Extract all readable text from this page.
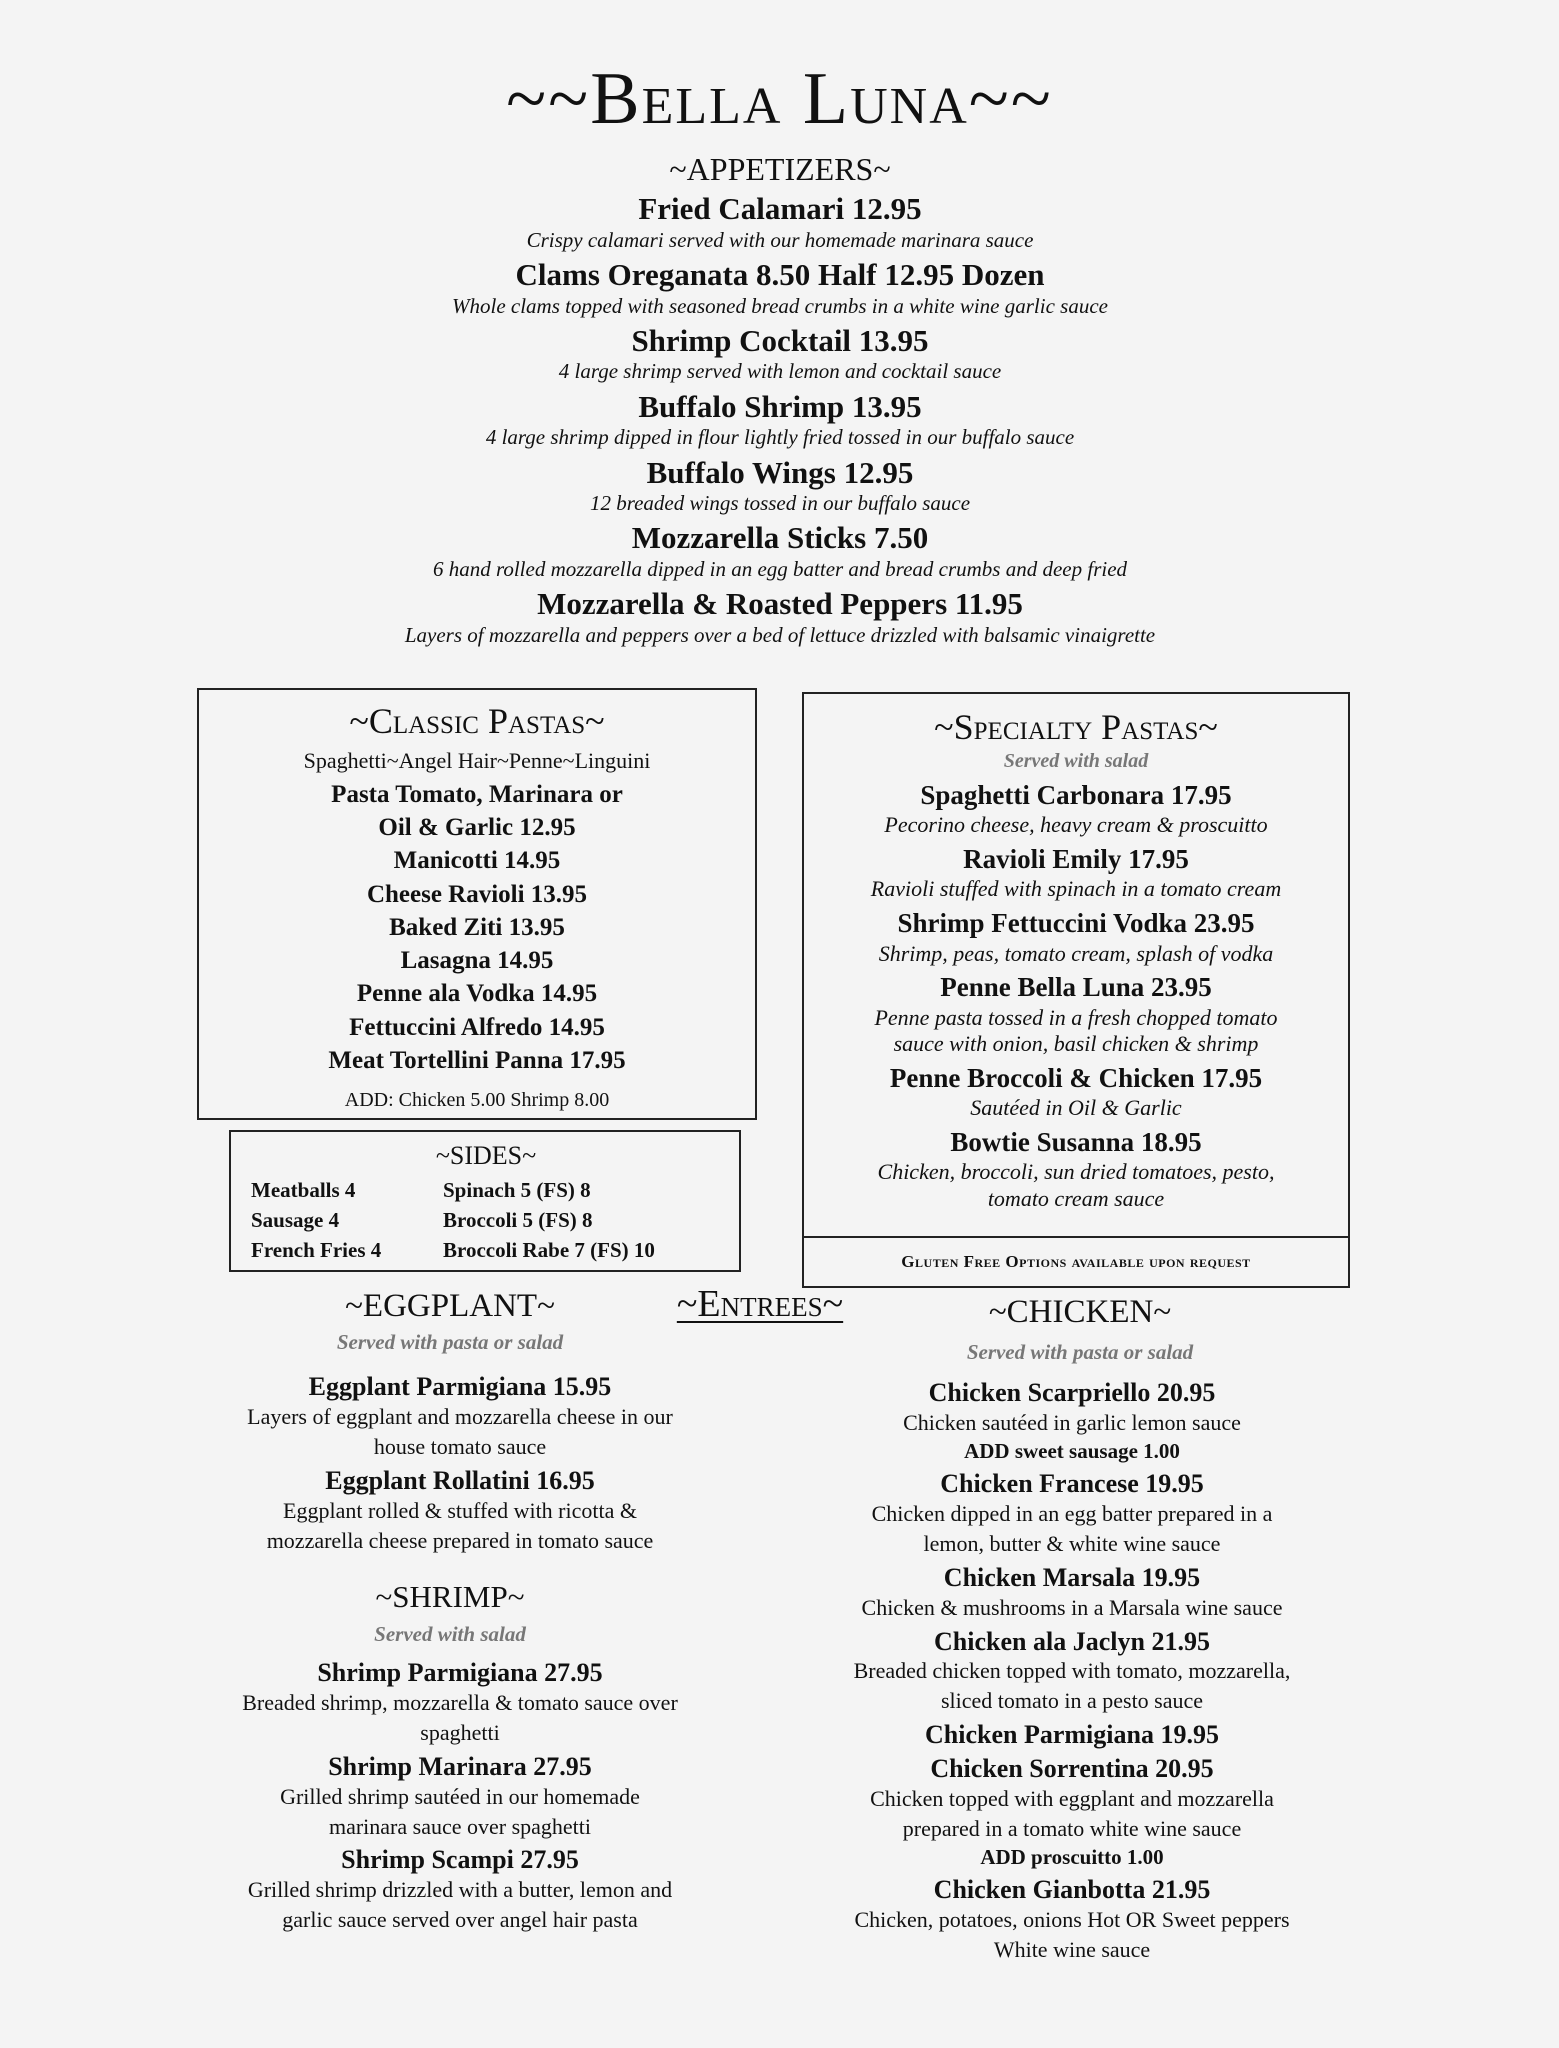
~~Bella Luna~~
~APPETIZERS~
Fried Calamari 12.95
Crispy calamari served with our homemade marinara sauce
Clams Oreganata 8.50 Half 12.95 Dozen
Whole clams topped with seasoned bread crumbs in a white wine garlic sauce
Shrimp Cocktail 13.95
4 large shrimp served with lemon and cocktail sauce
Buffalo Shrimp 13.95
4 large shrimp dipped in flour lightly fried tossed in our buffalo sauce
Buffalo Wings 12.95
12 breaded wings tossed in our buffalo sauce
Mozzarella Sticks 7.50
6 hand rolled mozzarella dipped in an egg batter and bread crumbs and deep fried
Mozzarella & Roasted Peppers 11.95
Layers of mozzarella and peppers over a bed of lettuce drizzled with balsamic vinaigrette
~Classic Pastas~
Spaghetti~Angel Hair~Penne~Linguini
Pasta Tomato, Marinara or
Oil & Garlic 12.95
Manicotti 14.95
Cheese Ravioli 13.95
Baked Ziti 13.95
Lasagna 14.95
Penne ala Vodka 14.95
Fettuccini Alfredo 14.95
Meat Tortellini Panna 17.95
ADD: Chicken 5.00 Shrimp 8.00
~Specialty Pastas~
Served with salad
Spaghetti Carbonara 17.95
Pecorino cheese, heavy cream & proscuitto
Ravioli Emily 17.95
Ravioli stuffed with spinach in a tomato cream
Shrimp Fettuccini Vodka 23.95
Shrimp, peas, tomato cream, splash of vodka
Penne Bella Luna 23.95
Penne pasta tossed in a fresh chopped tomato
sauce with onion, basil chicken & shrimp
Penne Broccoli & Chicken 17.95
Sautéed in Oil & Garlic
Bowtie Susanna 18.95
Chicken, broccoli, sun dried tomatoes, pesto,
tomato cream sauce
Gluten Free Options available upon request
~SIDES~
Meatballs 4
Sausage 4
French Fries 4
Spinach 5 (FS) 8
Broccoli 5 (FS) 8
Broccoli Rabe 7 (FS) 10
~Entrees~
~EGGPLANT~
Served with pasta or salad
Eggplant Parmigiana 15.95
Layers of eggplant and mozzarella cheese in our
house tomato sauce
Eggplant Rollatini 16.95
Eggplant rolled & stuffed with ricotta &
mozzarella cheese prepared in tomato sauce
~SHRIMP~
Served with salad
Shrimp Parmigiana 27.95
Breaded shrimp, mozzarella & tomato sauce over
spaghetti
Shrimp Marinara 27.95
Grilled shrimp sautéed in our homemade
marinara sauce over spaghetti
Shrimp Scampi 27.95
Grilled shrimp drizzled with a butter, lemon and
garlic sauce served over angel hair pasta
~CHICKEN~
Served with pasta or salad
Chicken Scarpriello 20.95
Chicken sautéed in garlic lemon sauce
ADD sweet sausage 1.00
Chicken Francese 19.95
Chicken dipped in an egg batter prepared in a
lemon, butter & white wine sauce
Chicken Marsala 19.95
Chicken & mushrooms in a Marsala wine sauce
Chicken ala Jaclyn 21.95
Breaded chicken topped with tomato, mozzarella,
sliced tomato in a pesto sauce
Chicken Parmigiana 19.95
Chicken Sorrentina 20.95
Chicken topped with eggplant and mozzarella
prepared in a tomato white wine sauce
ADD proscuitto 1.00
Chicken Gianbotta 21.95
Chicken, potatoes, onions Hot OR Sweet peppers
White wine sauce
